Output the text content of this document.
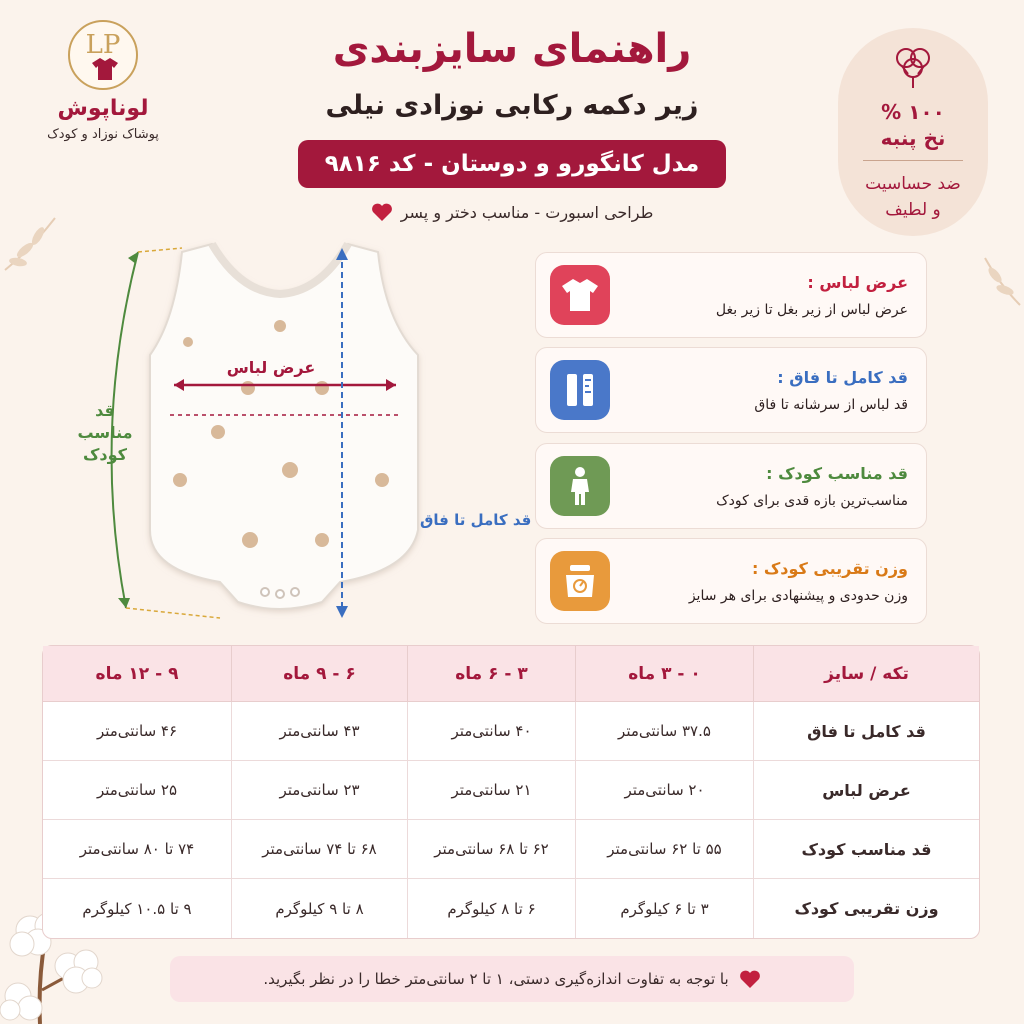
LP
لوناپوش
پوشاک نوزاد و کودک
راهنمای سایزبندی
زیر دکمه رکابی نوزادی نیلی
مدل کانگورو و دوستان - کد ۹۸۱۶
طراحی اسبورت - مناسب دختر و پسر
۱۰۰ %
نخ پنبه
ضد حساسیت
و لطیف
عرض لباس
قد کامل تا فاق
قد
مناسب
کودک
عرض لباس :
عرض لباس از زیر بغل تا زیر بغل
قد کامل تا فاق :
قد لباس از سرشانه تا فاق
قد مناسب کودک :
مناسب‌ترین بازه قدی برای کودک
وزن تقریبی کودک :
وزن حدودی و پیشنهادی برای هر سایز
تکه / سایز	۰ - ۳ ماه	۳ - ۶ ماه	۶ - ۹ ماه	۹ - ۱۲ ماه
قد کامل تا فاق	۳۷.۵ سانتی‌متر	۴۰ سانتی‌متر	۴۳ سانتی‌متر	۴۶ سانتی‌متر
عرض لباس	۲۰ سانتی‌متر	۲۱ سانتی‌متر	۲۳ سانتی‌متر	۲۵ سانتی‌متر
قد مناسب کودک	۵۵ تا ۶۲ سانتی‌متر	۶۲ تا ۶۸ سانتی‌متر	۶۸ تا ۷۴ سانتی‌متر	۷۴ تا ۸۰ سانتی‌متر
وزن تقریبی کودک	۳ تا ۶ کیلوگرم	۶ تا ۸ کیلوگرم	۸ تا ۹ کیلوگرم	۹ تا ۱۰.۵ کیلوگرم
با توجه به تفاوت اندازه‌گیری دستی، ۱ تا ۲ سانتی‌متر خطا را در نظر بگیرید.
